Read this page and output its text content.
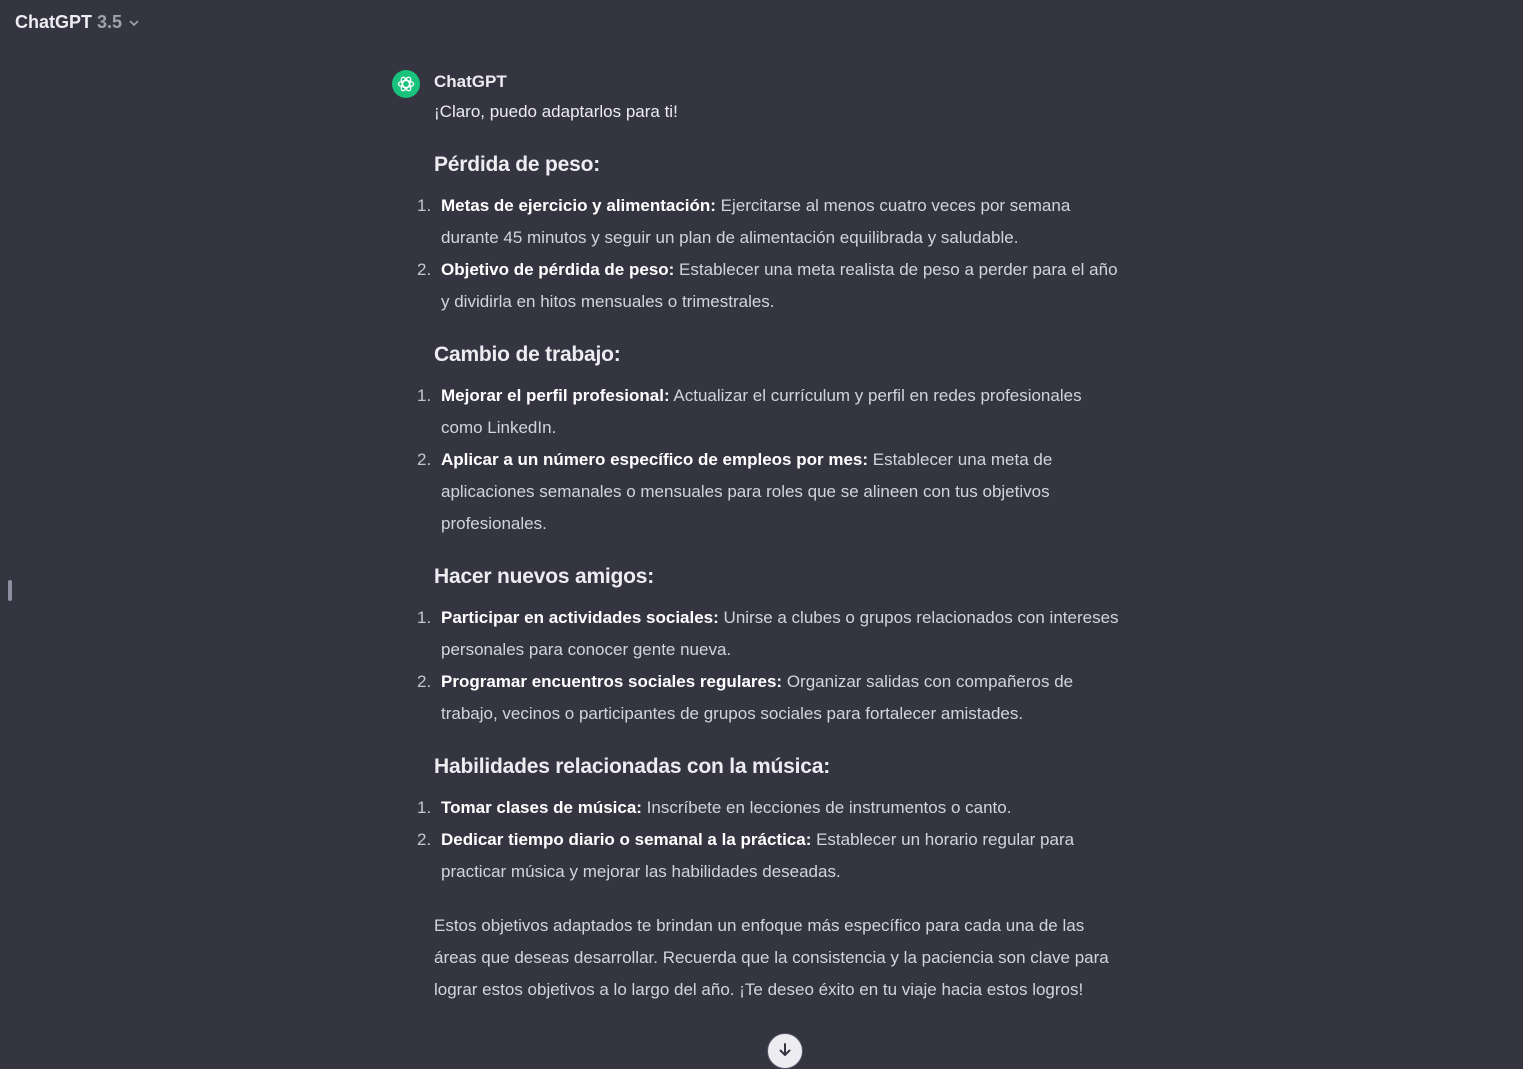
ChatGPT 3.5
ChatGPT

¡Claro, puedo adaptarlos para ti!

Pérdida de peso:
1. Metas de ejercicio y alimentación: Ejercitarse al menos cuatro veces por semana durante 45 minutos y seguir un plan de alimentación equilibrada y saludable.
2. Objetivo de pérdida de peso: Establecer una meta realista de peso a perder para el año y dividirla en hitos mensuales o trimestrales.
Cambio de trabajo:
1. Mejorar el perfil profesional: Actualizar el currículum y perfil en redes profesionales como LinkedIn.
2. Aplicar a un número específico de empleos por mes: Establecer una meta de aplicaciones semanales o mensuales para roles que se alineen con tus objetivos profesionales.
Hacer nuevos amigos:
1. Participar en actividades sociales: Unirse a clubes o grupos relacionados con intereses personales para conocer gente nueva.
2. Programar encuentros sociales regulares: Organizar salidas con compañeros de trabajo, vecinos o participantes de grupos sociales para fortalecer amistades.
Habilidades relacionadas con la música:
1. Tomar clases de música: Inscríbete en lecciones de instrumentos o canto.
2. Dedicar tiempo diario o semanal a la práctica: Establecer un horario regular para practicar música y mejorar las habilidades deseadas.

Estos objetivos adaptados te brindan un enfoque más específico para cada una de las áreas que deseas desarrollar. Recuerda que la consistencia y la paciencia son clave para lograr estos objetivos a lo largo del año. ¡Te deseo éxito en tu viaje hacia estos logros!
